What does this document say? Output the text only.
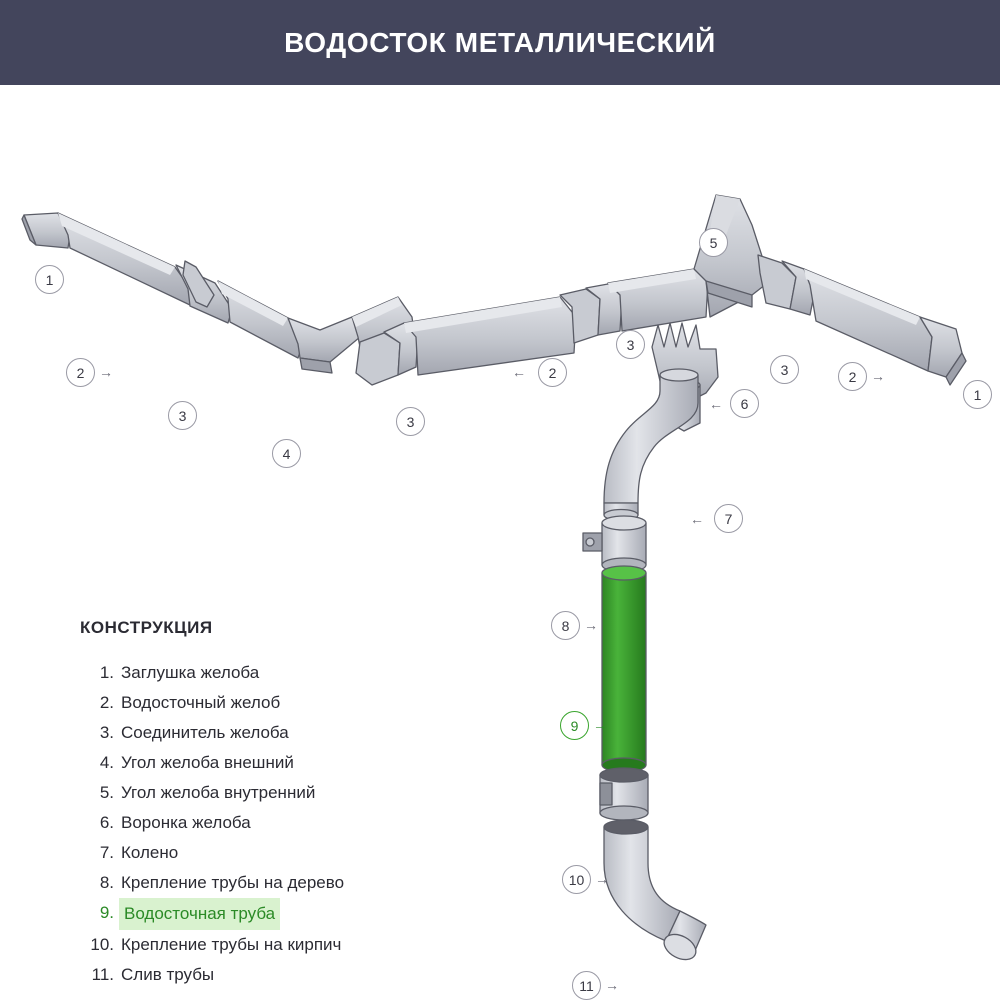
ВОДОСТОК МЕТАЛЛИЧЕСКИЙ
1
2	→
3
4
3
2
←
3
5
3	2	→
1
6
←
7
←
8	→
9	→
10 →
11 →
КОНСТРУКЦИЯ
1. Заглушка желоба
2. Водосточный желоб
3. Соединитель желоба
4. Угол желоба внешний
5. Угол желоба внутренний
6. Воронка желоба
7. Колено
8. Крепление трубы на дерево
9. Водосточная труба
10. Крепление трубы на кирпич
11. Слив трубы
